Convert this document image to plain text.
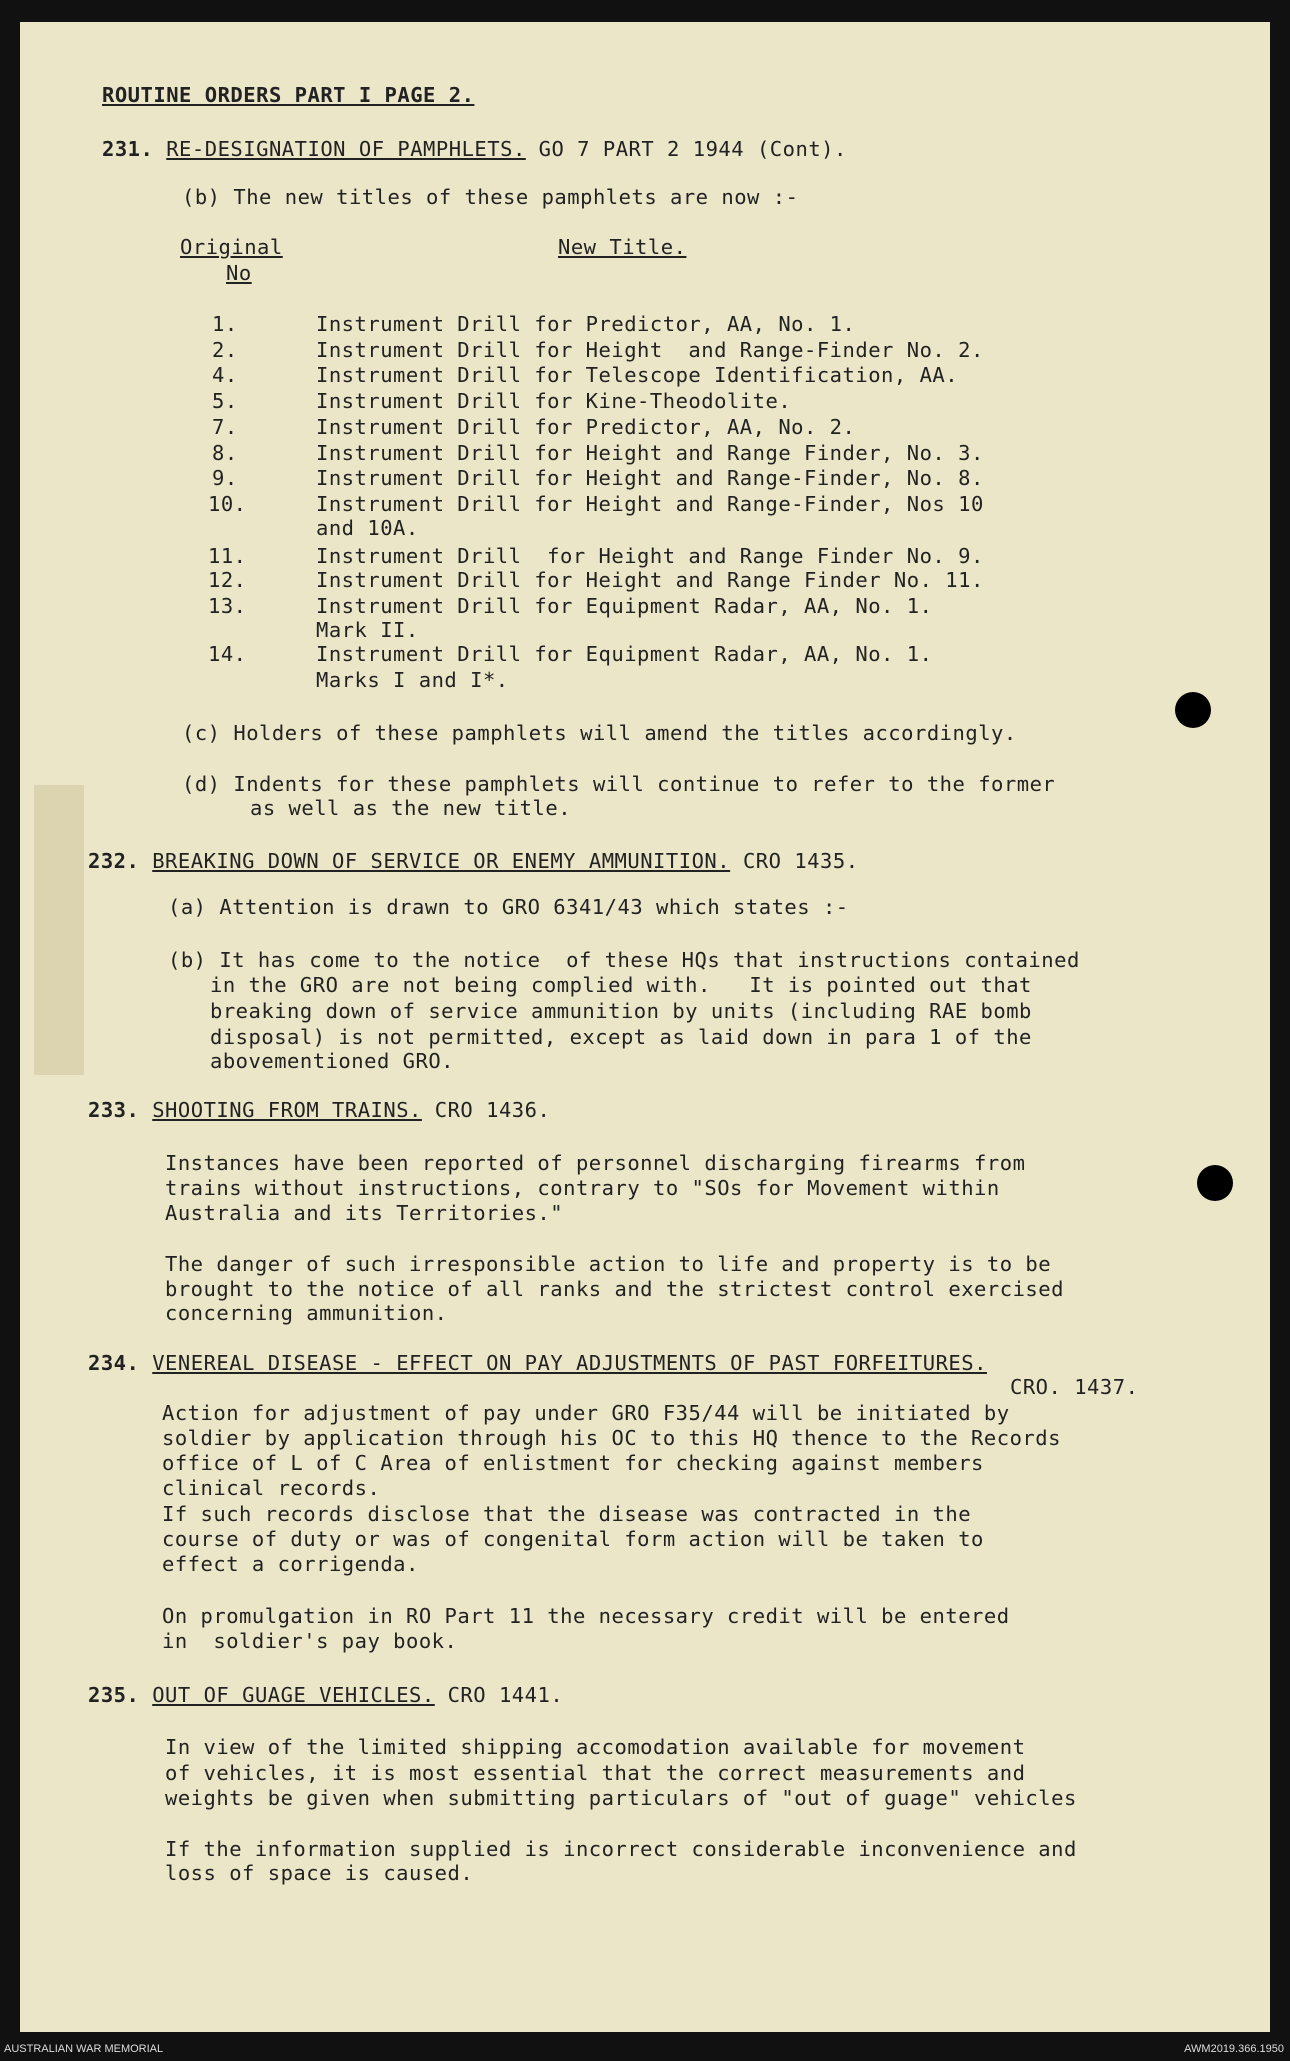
ROUTINE ORDERS PART I PAGE 2.
231. RE-DESIGNATION OF PAMPHLETS. GO 7 PART 2 1944 (Cont).
(b) The new titles of these pamphlets are now :-
Original
No
New Title.
1.	Instrument Drill for Predictor, AA, No. 1.
2.	Instrument Drill for Height  and Range-Finder No. 2.
4.	Instrument Drill for Telescope Identification, AA.
5.	Instrument Drill for Kine-Theodolite.
7.	Instrument Drill for Predictor, AA, No. 2.
8.	Instrument Drill for Height and Range Finder, No. 3.
9.	Instrument Drill for Height and Range-Finder, No. 8.
10.	Instrument Drill for Height and Range-Finder, Nos 10
and 10A.
11.	Instrument Drill  for Height and Range Finder No. 9.
12.	Instrument Drill for Height and Range Finder No. 11.
13.	Instrument Drill for Equipment Radar, AA, No. 1.
Mark II.
14.	Instrument Drill for Equipment Radar, AA, No. 1.
Marks I and I*.
(c) Holders of these pamphlets will amend the titles accordingly.
(d) Indents for these pamphlets will continue to refer to the former
as well as the new title.
232. BREAKING DOWN OF SERVICE OR ENEMY AMMUNITION. CRO 1435.
(a) Attention is drawn to GRO 6341/43 which states :-
(b) It has come to the notice  of these HQs that instructions contained
in the GRO are not being complied with.   It is pointed out that
breaking down of service ammunition by units (including RAE bomb
disposal) is not permitted, except as laid down in para 1 of the
abovementioned GRO.
233. SHOOTING FROM TRAINS. CRO 1436.
Instances have been reported of personnel discharging firearms from
trains without instructions, contrary to "SOs for Movement within
Australia and its Territories."
The danger of such irresponsible action to life and property is to be
brought to the notice of all ranks and the strictest control exercised
concerning ammunition.
234. VENEREAL DISEASE - EFFECT ON PAY ADJUSTMENTS OF PAST FORFEITURES.
CRO. 1437.
Action for adjustment of pay under GRO F35/44 will be initiated by
soldier by application through his OC to this HQ thence to the Records
office of L of C Area of enlistment for checking against members
clinical records.
If such records disclose that the disease was contracted in the
course of duty or was of congenital form action will be taken to
effect a corrigenda.
On promulgation in RO Part 11 the necessary credit will be entered
in  soldier's pay book.
235. OUT OF GUAGE VEHICLES. CRO 1441.
In view of the limited shipping accomodation available for movement
of vehicles, it is most essential that the correct measurements and
weights be given when submitting particulars of "out of guage" vehicles
If the information supplied is incorrect considerable inconvenience and
loss of space is caused.
AUSTRALIAN WAR MEMORIAL	AWM2019.366.1950
